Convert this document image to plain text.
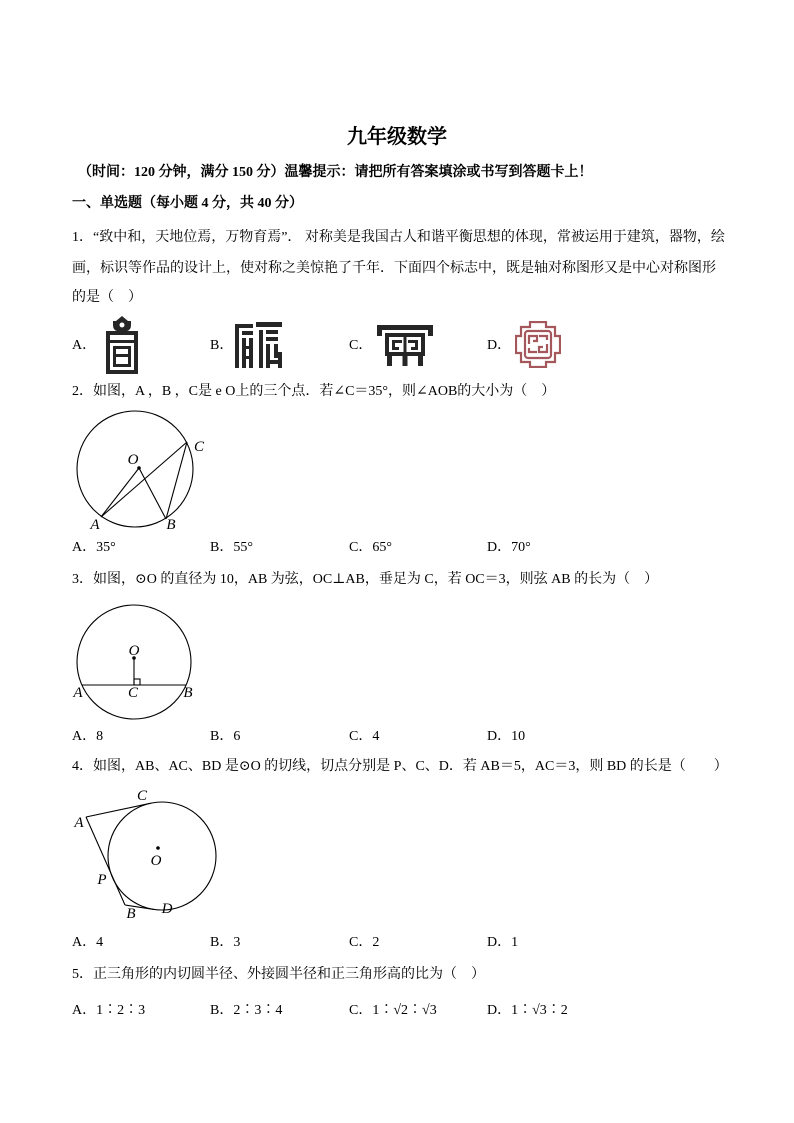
九年级数学
（时间：120 分钟，满分 150 分）温馨提示：请把所有答案填涂或书写到答题卡上！
一、单选题（每小题 4 分，共 40 分）
1．“致中和，天地位焉，万物育焉”． 对称美是我国古人和谐平衡思想的体现，常被运用于建筑，器物，绘
画，标识等作品的设计上，使对称之美惊艳了千年．下面四个标志中，既是轴对称图形又是中心对称图形
的是（　）
A．	B．	C．	D．
2．如图，A ，B ，C是 e O上的三个点．若∠C＝35°，则∠AOB的大小为（　）
O
A	B
C
A．35°	B．55°	C．65°	D．70°
3．如图，⊙O 的直径为 10，AB 为弦，OC⊥AB，垂足为 C，若 OC＝3，则弦 AB 的长为（　）
O
A	C	B
A．8	B．6	C．4	D．10
4．如图，AB、AC、BD 是⊙O 的切线，切点分别是 P、C、D．若 AB＝5，AC＝3，则 BD 的长是（　　）
O
A
C
P
B D
A．4	B．3	C．2	D．1
5．正三角形的内切圆半径、外接圆半径和正三角形高的比为（　）
A．1∶2∶3	B．2∶3∶4	C．1∶√2∶√3	D．1∶√3∶2
